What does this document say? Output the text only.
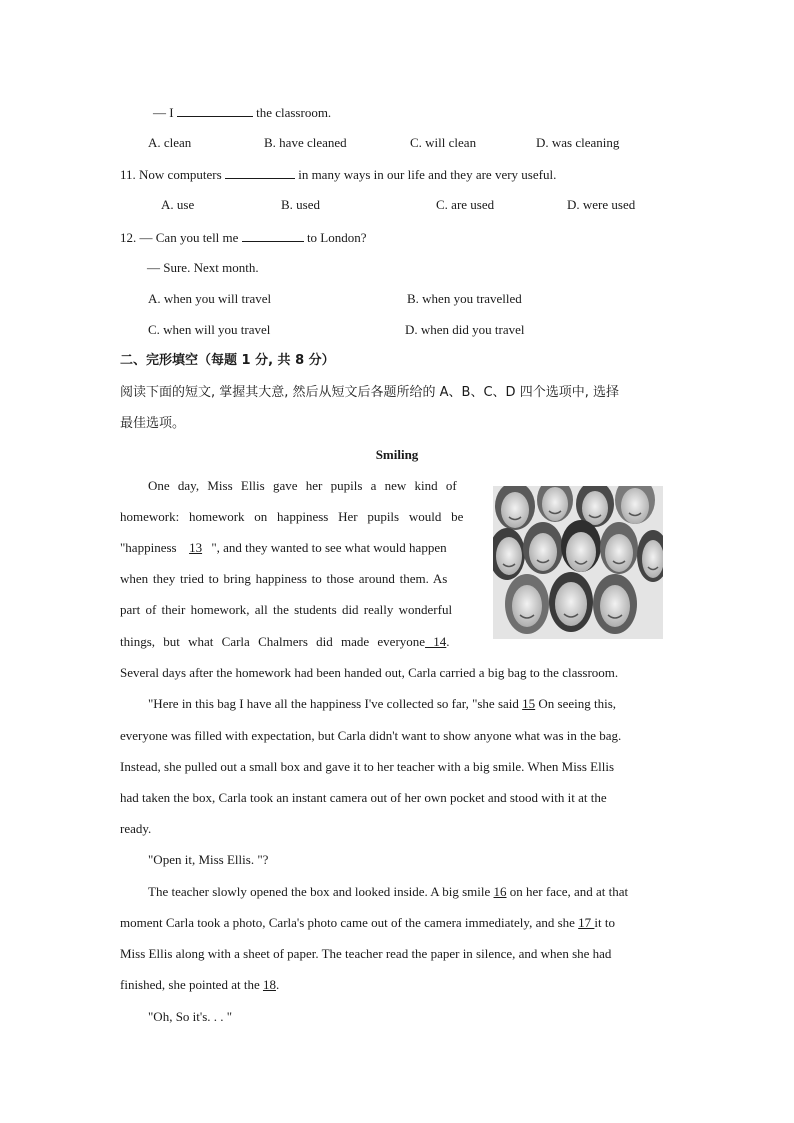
— I	the classroom.
A. clean	B. have cleaned	C. will clean	D. was cleaning
11. Now computers	in many ways in our life and they are very useful.
A. use	B. used	C. are used	D. were used
12. — Can you tell me	to London?
— Sure. Next month.
A. when you will travel	B. when you travelled
C. when will you travel	D. when did you travel
二、完形填空（每题 1 分, 共 8 分）
阅读下面的短文, 掌握其大意, 然后从短文后各题所给的 A、B、C、D 四个选项中, 选择
最佳选项。
Smiling
One day, Miss Ellis gave her pupils a new kind of
homework: homework on happiness Her pupils would be
"happiness  13 ", and they wanted to see what would happen
when they tried to bring happiness to those around them. As
part of their homework, all the students did really wonderful
things, but what Carla Chalmers did made everyone 14.
Several days after the homework had been handed out, Carla carried a big bag to the classroom.
"Here in this bag I have all the happiness I've collected so far, "she said 15 On seeing this,
everyone was filled with expectation, but Carla didn't want to show anyone what was in the bag.
Instead, she pulled out a small box and gave it to her teacher with a big smile. When Miss Ellis
had taken the box, Carla took an instant camera out of her own pocket and stood with it at the
ready.
"Open it, Miss Ellis. "?
The teacher slowly opened the box and looked inside. A big smile 16 on her face, and at that
moment Carla took a photo, Carla's photo came out of the camera immediately, and she 17 it to
Miss Ellis along with a sheet of paper. The teacher read the paper in silence, and when she had
finished, she pointed at the 18.
"Oh, So it's. . . "
